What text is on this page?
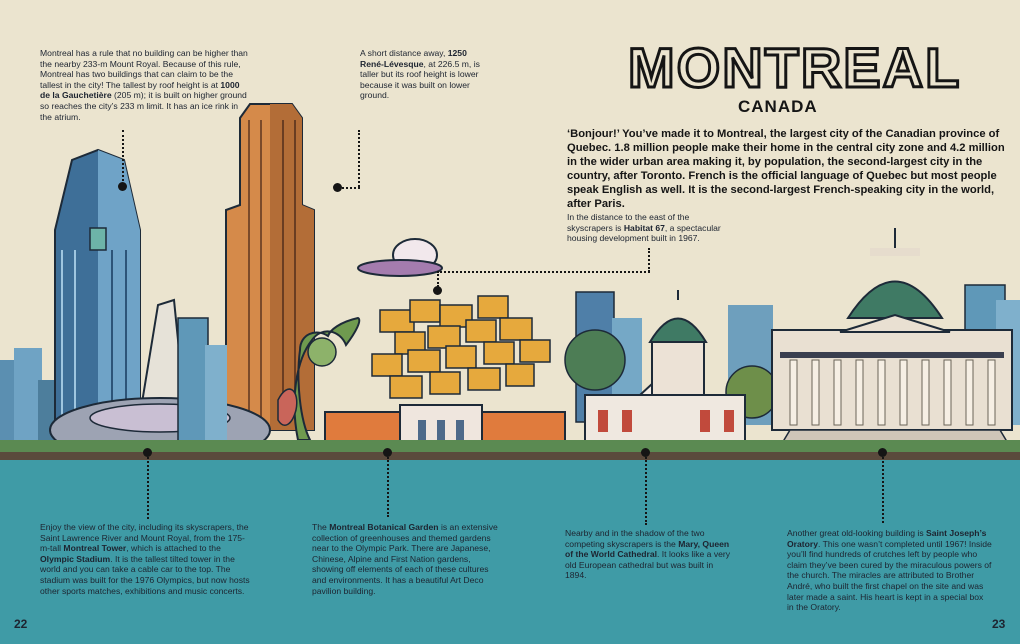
MONTREAL
CANADA
‘Bonjour!’ You’ve made it to Montreal, the largest city of the Canadian province of Quebec. 1.8 million people make their home in the central city zone and 4.2 million in the wider urban area making it, by population, the second-largest city in the country, after Toronto. French is the official language of Quebec but most people speak English as well. It is the second-largest French-speaking city in the world, after Paris.
Montreal has a rule that no building can be higher than the nearby 233-m Mount Royal. Because of this rule, Montreal has two buildings that can claim to be the tallest in the city! The tallest by roof height is at 1000 de la Gauchetière (205 m); it is built on higher ground so reaches the city’s 233 m limit. It has an ice rink in the atrium.
A short distance away, 1250 René-Lévesque, at 226.5 m, is taller but its roof height is lower because it was built on lower ground.
In the distance to the east of the skyscrapers is Habitat 67, a spectacular housing development built in 1967.
Enjoy the view of the city, including its skyscrapers, the Saint Lawrence River and Mount Royal, from the 175-m-tall Montreal Tower, which is attached to the Olympic Stadium. It is the tallest tilted tower in the world and you can take a cable car to the top. The stadium was built for the 1976 Olympics, but now hosts other sports matches, exhibitions and music concerts.
The Montreal Botanical Garden is an extensive collection of greenhouses and themed gardens near to the Olympic Park. There are Japanese, Chinese, Alpine and First Nation gardens, showing off elements of each of these cultures and environments. It has a beautiful Art Deco pavilion building.
Nearby and in the shadow of the two competing skyscrapers is the Mary, Queen of the World Cathedral. It looks like a very old European cathedral but was built in 1894.
Another great old-looking building is Saint Joseph’s Oratory. This one wasn’t completed until 1967! Inside you’ll find hundreds of crutches left by people who claim they’ve been cured by the miraculous powers of the church. The miracles are attributed to Brother André, who built the first chapel on the site and was later made a saint. His heart is kept in a special box in the Oratory.
22	23
